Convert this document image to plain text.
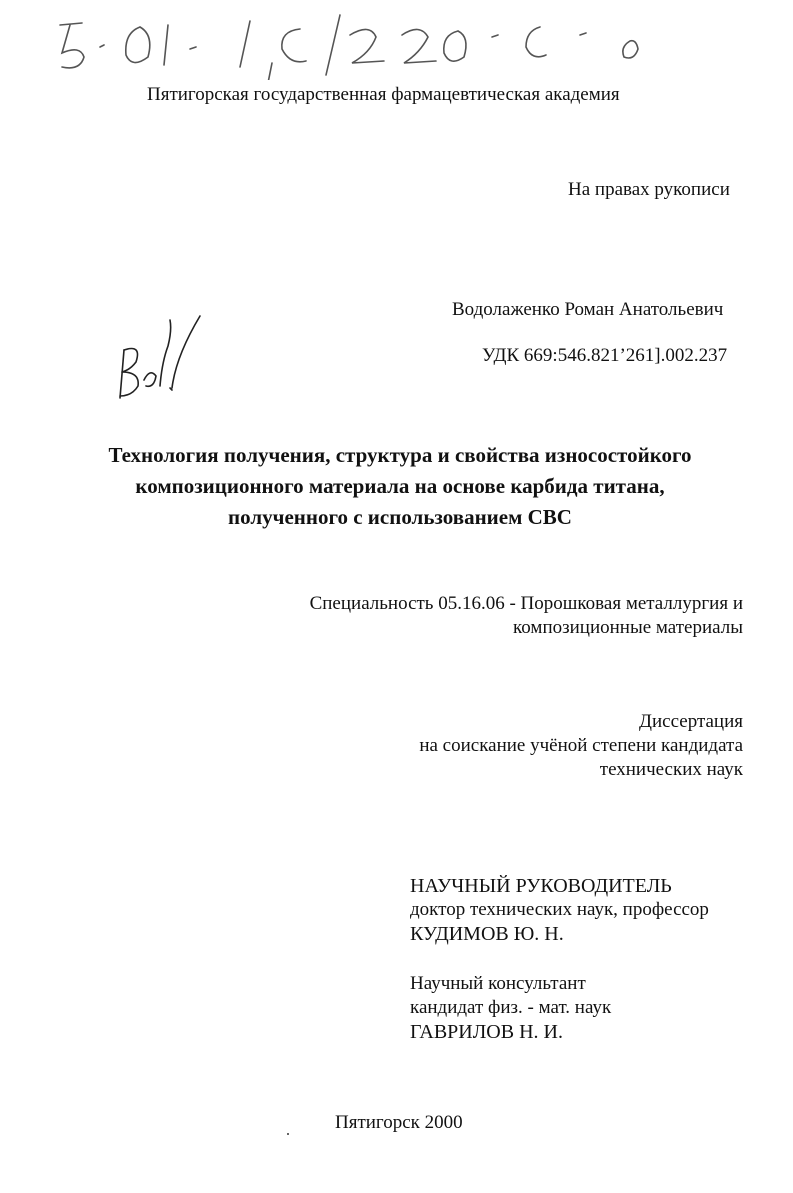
5·01·5/202·5·0
Пятигорская государственная фармацевтическая академия
На правах рукописи
Водолаженко Роман Анатольевич
УДК 669:546.821’261].002.237
Вод
Технология получения, структура и свойства износостойкого
композиционного материала на основе карбида титана,
полученного с использованием СВС
Специальность 05.16.06 - Порошковая металлургия и
композиционные материалы
Диссертация
на соискание учёной степени кандидата
технических наук
НАУЧНЫЙ РУКОВОДИТЕЛЬ
доктор технических наук, профессор
КУДИМОВ Ю. Н.
Научный консультант
кандидат физ. - мат. наук
ГАВРИЛОВ Н. И.
Пятигорск 2000
